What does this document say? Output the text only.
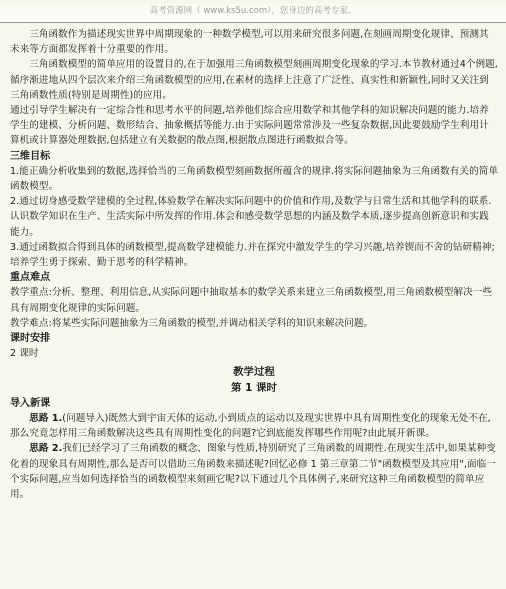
高考资源网（ www.ks5u.com），您身边的高考专家。

三角函数作为描述现实世界中周期现象的一种数学模型,可以用来研究很多问题,在刻画周期变化规律、预测其未来等方面都发挥着十分重要的作用。

三角函数模型的简单应用的设置目的,在于加强用三角函数模型刻画周期变化现象的学习.本节教材通过4个例题,循序渐进地从四个层次来介绍三角函数模型的应用,在素材的选择上注意了广泛性、真实性和新颖性,同时又关注到三角函数性质(特别是周期性)的应用。

通过引导学生解决有一定综合性和思考水平的问题,培养他们综合应用数学和其他学科的知识解决问题的能力.培养学生的建模、分析问题、数形结合、抽象概括等能力.由于实际问题常常涉及一些复杂数据,因此要鼓励学生利用计算机或计算器处理数据,包括建立有关数据的散点图,根据散点图进行函数拟合等。

三维目标

1.能正确分析收集到的数据,选择恰当的三角函数模型刻画数据所蕴含的规律.将实际问题抽象为三角函数有关的简单函数模型。

2.通过切身感受数学建模的全过程,体验数学在解决实际问题中的价值和作用,及数学与日常生活和其他学科的联系.认识数学知识在生产、生活实际中所发挥的作用.体会和感受数学思想的内涵及数学本质,逐步提高创新意识和实践能力。

3.通过函数拟合得到具体的函数模型,提高数学建模能力.并在探究中激发学生的学习兴趣,培养锲而不舍的钻研精神;培养学生勇于探索、勤于思考的科学精神。

重点难点

教学重点:分析、整理、利用信息,从实际问题中抽取基本的数学关系来建立三角函数模型,用三角函数模型解决一些具有周期变化规律的实际问题。

教学难点:将某些实际问题抽象为三角函数的模型,并调动相关学科的知识来解决问题。

课时安排

2 课时

教学过程

第 1 课时

导入新课

思路 1.(问题导入)既然大到宇宙天体的运动,小到质点的运动以及现实世界中具有周期性变化的现象无处不在,那么究竟怎样用三角函数解决这些具有周期性变化的问题?它到底能发挥哪些作用呢?由此展开新课。

思路 2.我们已经学习了三角函数的概念、图象与性质,特别研究了三角函数的周期性.在现实生活中,如果某种变化着的现象具有周期性,那么是否可以借助三角函数来描述呢?回忆必修 1 第三章第二节"函数模型及其应用",面临一个实际问题,应当如何选择恰当的函数模型来刻画它呢?以下通过几个具体例子,来研究这种三角函数模型的简单应用。
